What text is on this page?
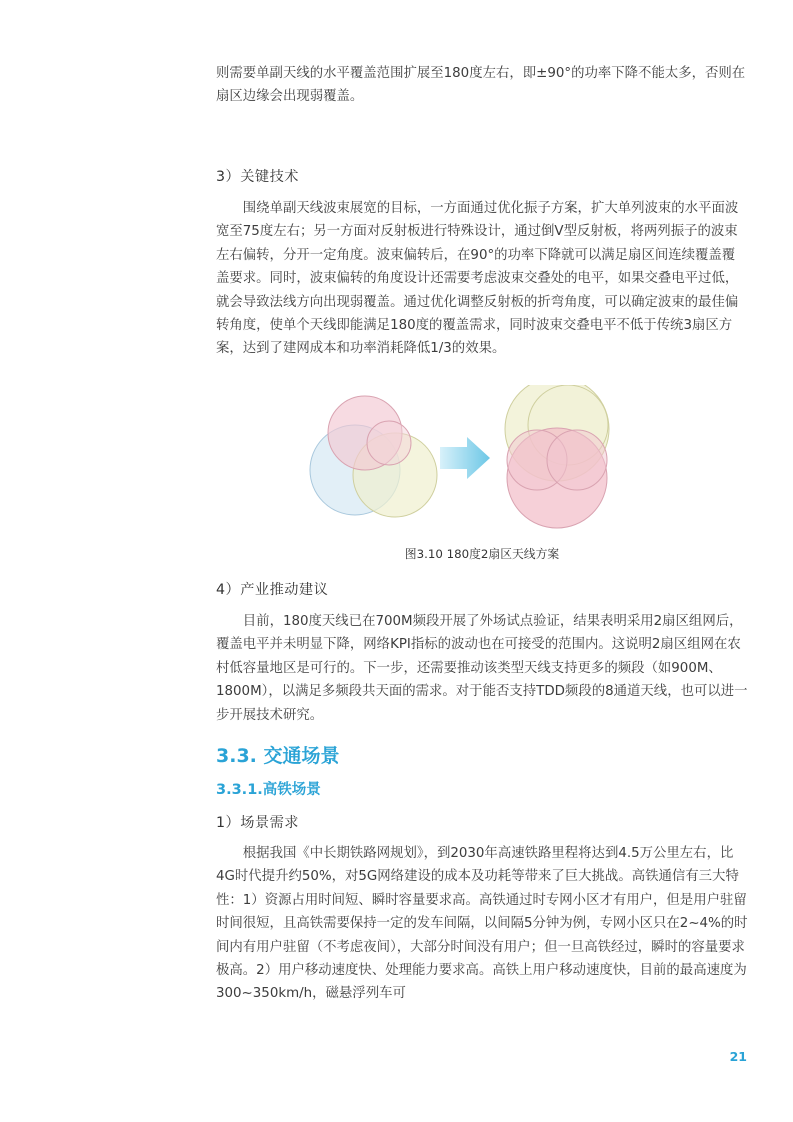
则需要单副天线的水平覆盖范围扩展至180度左右，即±90°的功率下降不能太多，否则在扇区边缘会出现弱覆盖。

3）关键技术

围绕单副天线波束展宽的目标，一方面通过优化振子方案，扩大单列波束的水平面波宽至75度左右；另一方面对反射板进行特殊设计，通过倒V型反射板，将两列振子的波束左右偏转，分开一定角度。波束偏转后，在90°的功率下降就可以满足扇区间连续覆盖覆盖要求。同时，波束偏转的角度设计还需要考虑波束交叠处的电平，如果交叠电平过低，就会导致法线方向出现弱覆盖。通过优化调整反射板的折弯角度，可以确定波束的最佳偏转角度，使单个天线即能满足180度的覆盖需求，同时波束交叠电平不低于传统3扇区方案，达到了建网成本和功率消耗降低1/3的效果。

图3.10 180度2扇区天线方案
4）产业推动建议

目前，180度天线已在700M频段开展了外场试点验证，结果表明采用2扇区组网后，覆盖电平并未明显下降，网络KPI指标的波动也在可接受的范围内。这说明2扇区组网在农村低容量地区是可行的。下一步，还需要推动该类型天线支持更多的频段（如900M、1800M），以满足多频段共天面的需求。对于能否支持TDD频段的8通道天线，也可以进一步开展技术研究。

3.3. 交通场景
3.3.1.高铁场景
1）场景需求

根据我国《中长期铁路网规划》，到2030年高速铁路里程将达到4.5万公里左右，比4G时代提升约50%，对5G网络建设的成本及功耗等带来了巨大挑战。高铁通信有三大特性：1）资源占用时间短、瞬时容量要求高。高铁通过时专网小区才有用户，但是用户驻留时间很短，且高铁需要保持一定的发车间隔，以间隔5分钟为例，专网小区只在2~4%的时间内有用户驻留（不考虑夜间），大部分时间没有用户；但一旦高铁经过，瞬时的容量要求极高。2）用户移动速度快、处理能力要求高。高铁上用户移动速度快，目前的最高速度为300~350km/h，磁悬浮列车可

21
